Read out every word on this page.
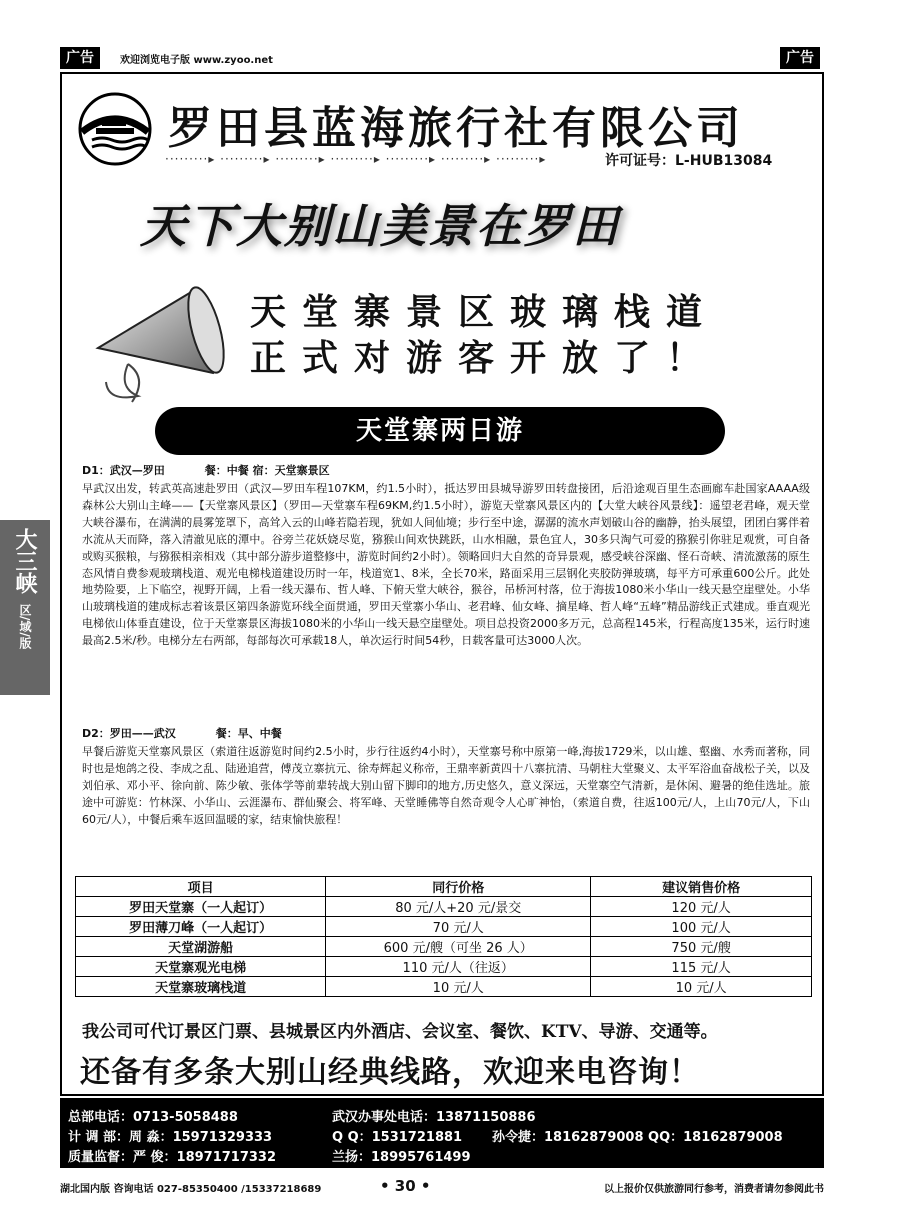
广告	欢迎浏览电子版 www.zyoo.net	广告
罗田县蓝海旅行社有限公司
·········▸ ·········▸ ·········▸ ·········▸ ·········▸ ·········▸ ·········▸	许可证号：L-HUB13084
天下大别山美景在罗田
天堂寨景区玻璃栈道
正式对游客开放了！
天堂寨两日游
D1：武汉—罗田	餐：中餐 宿：天堂寨景区
早武汉出发，转武英高速赴罗田（武汉—罗田车程107KM，约1.5小时），抵达罗田县城导游罗田转盘接团，后沿途观百里生态画廊车赴国家AAAA级森林公大别山主峰——【天堂寨风景区】（罗田—天堂寨车程69KM,约1.5小时），游览天堂寨风景区内的【大堂大峡谷风景线】：遥望老君峰，观天堂大峡谷瀑布，在满满的晨雾笼罩下，高耸入云的山峰若隐若现，犹如人间仙境；步行至中途，潺潺的流水声划破山谷的幽静，抬头展望，团团白雾伴着水流从天而降，落入清澈见底的潭中。谷旁兰花妖娆尽览，猕猴山间欢快跳跃，山水相融，景色宜人，30多只淘气可爱的猕猴引你驻足观赏，可自备或购买猴粮，与猕猴相亲相戏（其中部分游步道整修中，游览时间约2小时）。领略回归大自然的奇异景观，感受峡谷深幽、怪石奇峡、清流激荡的原生态风情自费参观玻璃栈道、观光电梯栈道建设历时一年，栈道宽1、8米，全长70米，路面采用三层钢化夹胶防弹玻璃，每平方可承重600公斤。此处地势险要，上下临空，视野开阔，上看一线天瀑布、哲人峰、下俯天堂大峡谷，猴谷，吊桥河村落，位于海拔1080米小华山一线天悬空崖壁处。小华山玻璃栈道的建成标志着该景区第四条游览环线全面贯通，罗田天堂寨小华山、老君峰、仙女峰、摘星峰、哲人峰“五峰”精品游线正式建成。垂直观光电梯依山体垂直建设，位于天堂寨景区海拔1080米的小华山一线天悬空崖壁处。项目总投资2000多万元，总高程145米，行程高度135米，运行时速最高2.5米/秒。电梯分左右两部，每部每次可承载18人，单次运行时间54秒，日载客量可达3000人次。
D2：罗田——武汉	餐：早、中餐
早餐后游览天堂寨风景区（索道往返游览时间约2.5小时，步行往返约4小时），天堂寨号称中原第一峰,海拔1729米，以山雄、壑幽、水秀而著称，同时也是炮鸽之役、李成之乱、陆逊追营，傅茂立寨抗元、徐寿辉起义称帝，王鼎率新黄四十八寨抗清、马朝柱大堂聚义、太平军浴血奋战松子关，以及刘伯承、邓小平、徐向前、陈少敏、张体学等前辈转战大别山留下脚印的地方,历史悠久，意义深远，天堂寨空气清新，是休闲、避暑的绝佳选址。旅途中可游览：竹林深、小华山、云涯瀑布、群仙聚会、将军峰、天堂睡佛等自然奇观令人心旷神怡，（索道自费，往返100元/人，上山70元/人，下山60元/人），中餐后乘车返回温暖的家，结束愉快旅程！
大三峡
区/域/版
项目	同行价格	建议销售价格
罗田天堂寨（一人起订）	80 元/人+20 元/景交	120 元/人
罗田薄刀峰（一人起订）	70 元/人	100 元/人
天堂湖游船	600 元/艘（可坐 26 人）	750 元/艘
天堂寨观光电梯	110 元/人（往返）	115 元/人
天堂寨玻璃栈道	10 元/人	10 元/人
我公司可代订景区门票、县城景区内外酒店、会议室、餐饮、KTV、导游、交通等。
还备有多条大别山经典线路，欢迎来电咨询！
总部电话：0713-5058488	武汉办事处电话：13871150886
计 调 部：周 淼：15971329333	Q Q：1531721881 孙令捷：18162879008 QQ：18162879008
质量监督：严 俊：18971717332	兰扬：18995761499
湖北国内版 咨询电话 027-85350400 /15337218689	• 30 •	以上报价仅供旅游同行参考，消费者请勿参阅此书
